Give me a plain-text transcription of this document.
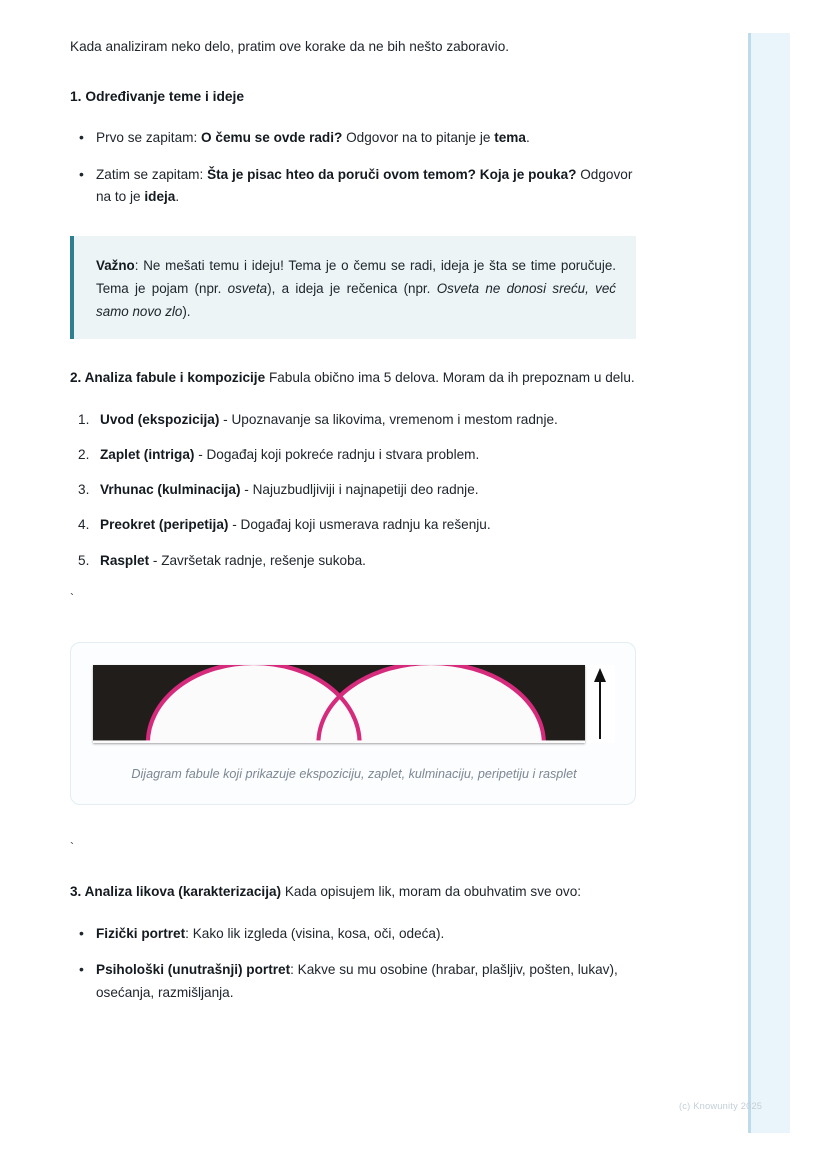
Kada analiziram neko delo, pratim ove korake da ne bih nešto zaboravio.

1. Određivanje teme i ideje
• Prvo se zapitam: O čemu se ovde radi? Odgovor na to pitanje je tema.
• Zatim se zapitam: Šta je pisac hteo da poruči ovom temom? Koja je pouka? Odgovor na to je ideja.

Važno: Ne mešati temu i ideju! Tema je o čemu se radi, ideja je šta se time poručuje. Tema je pojam (npr. osveta), a ideja je rečenica (npr. Osveta ne donosi sreću, već samo novo zlo).

2. Analiza fabule i kompozicije Fabula obično ima 5 delova. Moram da ih prepoznam u delu.

Uvod (ekspozicija) - Upoznavanje sa likovima, vremenom i mestom radnje.
Zaplet (intriga) - Događaj koji pokreće radnju i stvara problem.
Vrhunac (kulminacija) - Najuzbudljiviji i najnapetiji deo radnje.
Preokret (peripetija) - Događaj koji usmerava radnju ka rešenju.
Rasplet - Završetak radnje, rešenje sukoba.
`
Dijagram fabule koji prikazuje ekspoziciju, zaplet, kulminaciju, peripetiju i rasplet
`

3. Analiza likova (karakterizacija) Kada opisujem lik, moram da obuhvatim sve ovo:

• Fizički portret: Kako lik izgleda (visina, kosa, oči, odeća).
• Psihološki (unutrašnji) portret: Kakve su mu osobine (hrabar, plašljiv, pošten, lukav), osećanja, razmišljanja.
(c) Knowunity 2025
